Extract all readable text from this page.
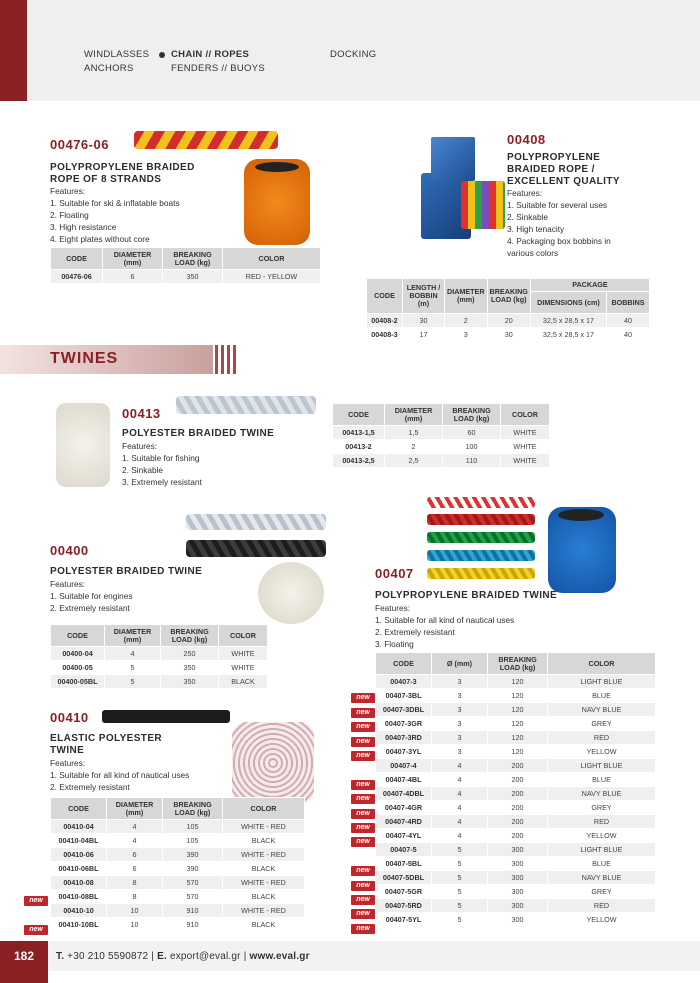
WINDLASSES
ANCHORS
CHAIN // ROPES
FENDERS // BUOYS
DOCKING
00476-06
POLYPROPYLENE BRAIDED
ROPE OF 8 STRANDS
Features:
1. Suitable for ski & inflatable boats
2. Floating
3. High resistance
4. Eight plates without core
CODE	DIAMETER (mm)	BREAKING LOAD (kg)	COLOR
00476-06	6	350	RED - YELLOW
00408
POLYPROPYLENE
BRAIDED ROPE /
EXCELLENT QUALITY
Features:
1. Suitable for several uses
2. Sinkable
3. High tenacity
4. Packaging box bobbins in
various colors
CODE	LENGTH / BOBBIN (m)	DIAMETER (mm)	BREAKING LOAD (kg)	PACKAGE	
				DIMENSIONS (cm)	BOBBINS
00408-2	30	2	20	32,5 x 28,5 x 17	40
00408-3	17	3	30	32,5 x 28,5 x 17	40
TWINES
00413
POLYESTER BRAIDED TWINE
Features:
1. Suitable for fishing
2. Sinkable
3. Extremely resistant
CODE	DIAMETER (mm)	BREAKING LOAD (kg)	COLOR
00413-1,5	1,5	60	WHITE
00413-2	2	100	WHITE
00413-2,5	2,5	110	WHITE
00400
POLYESTER BRAIDED TWINE
Features:
1. Suitable for engines
2. Extremely resistant
CODE	DIAMETER (mm)	BREAKING LOAD (kg)	COLOR
00400-04	4	250	WHITE
00400-05	5	350	WHITE
00400-05BL	5	350	BLACK
00410
ELASTIC POLYESTER
TWINE
Features:
1. Suitable for all kind of nautical uses
2. Extremely resistant
CODE	DIAMETER (mm)	BREAKING LOAD (kg)	COLOR
00410-04	4	105	WHITE - RED
00410-04BL	4	105	BLACK
00410-06	6	390	WHITE - RED
00410-06BL	6	390	BLACK
00410-08	8	570	WHITE - RED
00410-08BL	8	570	BLACK
00410-10	10	910	WHITE - RED
00410-10BL	10	910	BLACK
00407
POLYPROPYLENE BRAIDED TWINE
Features:
1. Suitable for all kind of nautical uses
2. Extremely resistant
3. Floating
CODE	Ø (mm)	BREAKING LOAD (kg)	COLOR
00407-3	3	120	LIGHT BLUE
00407-3BL	3	120	BLUE
00407-3DBL	3	120	NAVY BLUE
00407-3GR	3	120	GREY
00407-3RD	3	120	RED
00407-3YL	3	120	YELLOW
00407-4	4	200	LIGHT BLUE
00407-4BL	4	200	BLUE
00407-4DBL	4	200	NAVY BLUE
00407-4GR	4	200	GREY
00407-4RD	4	200	RED
00407-4YL	4	200	YELLOW
00407-5	5	300	LIGHT BLUE
00407-5BL	5	300	BLUE
00407-5DBL	5	300	NAVY BLUE
00407-5GR	5	300	GREY
00407-5RD	5	300	RED
00407-5YL	5	300	YELLOW
182	T. +30 210 5590872 | E. export@eval.gr | www.eval.gr
new
new
new
new
new
new
new
new
new
new
new
new
new
new
new
new
new
